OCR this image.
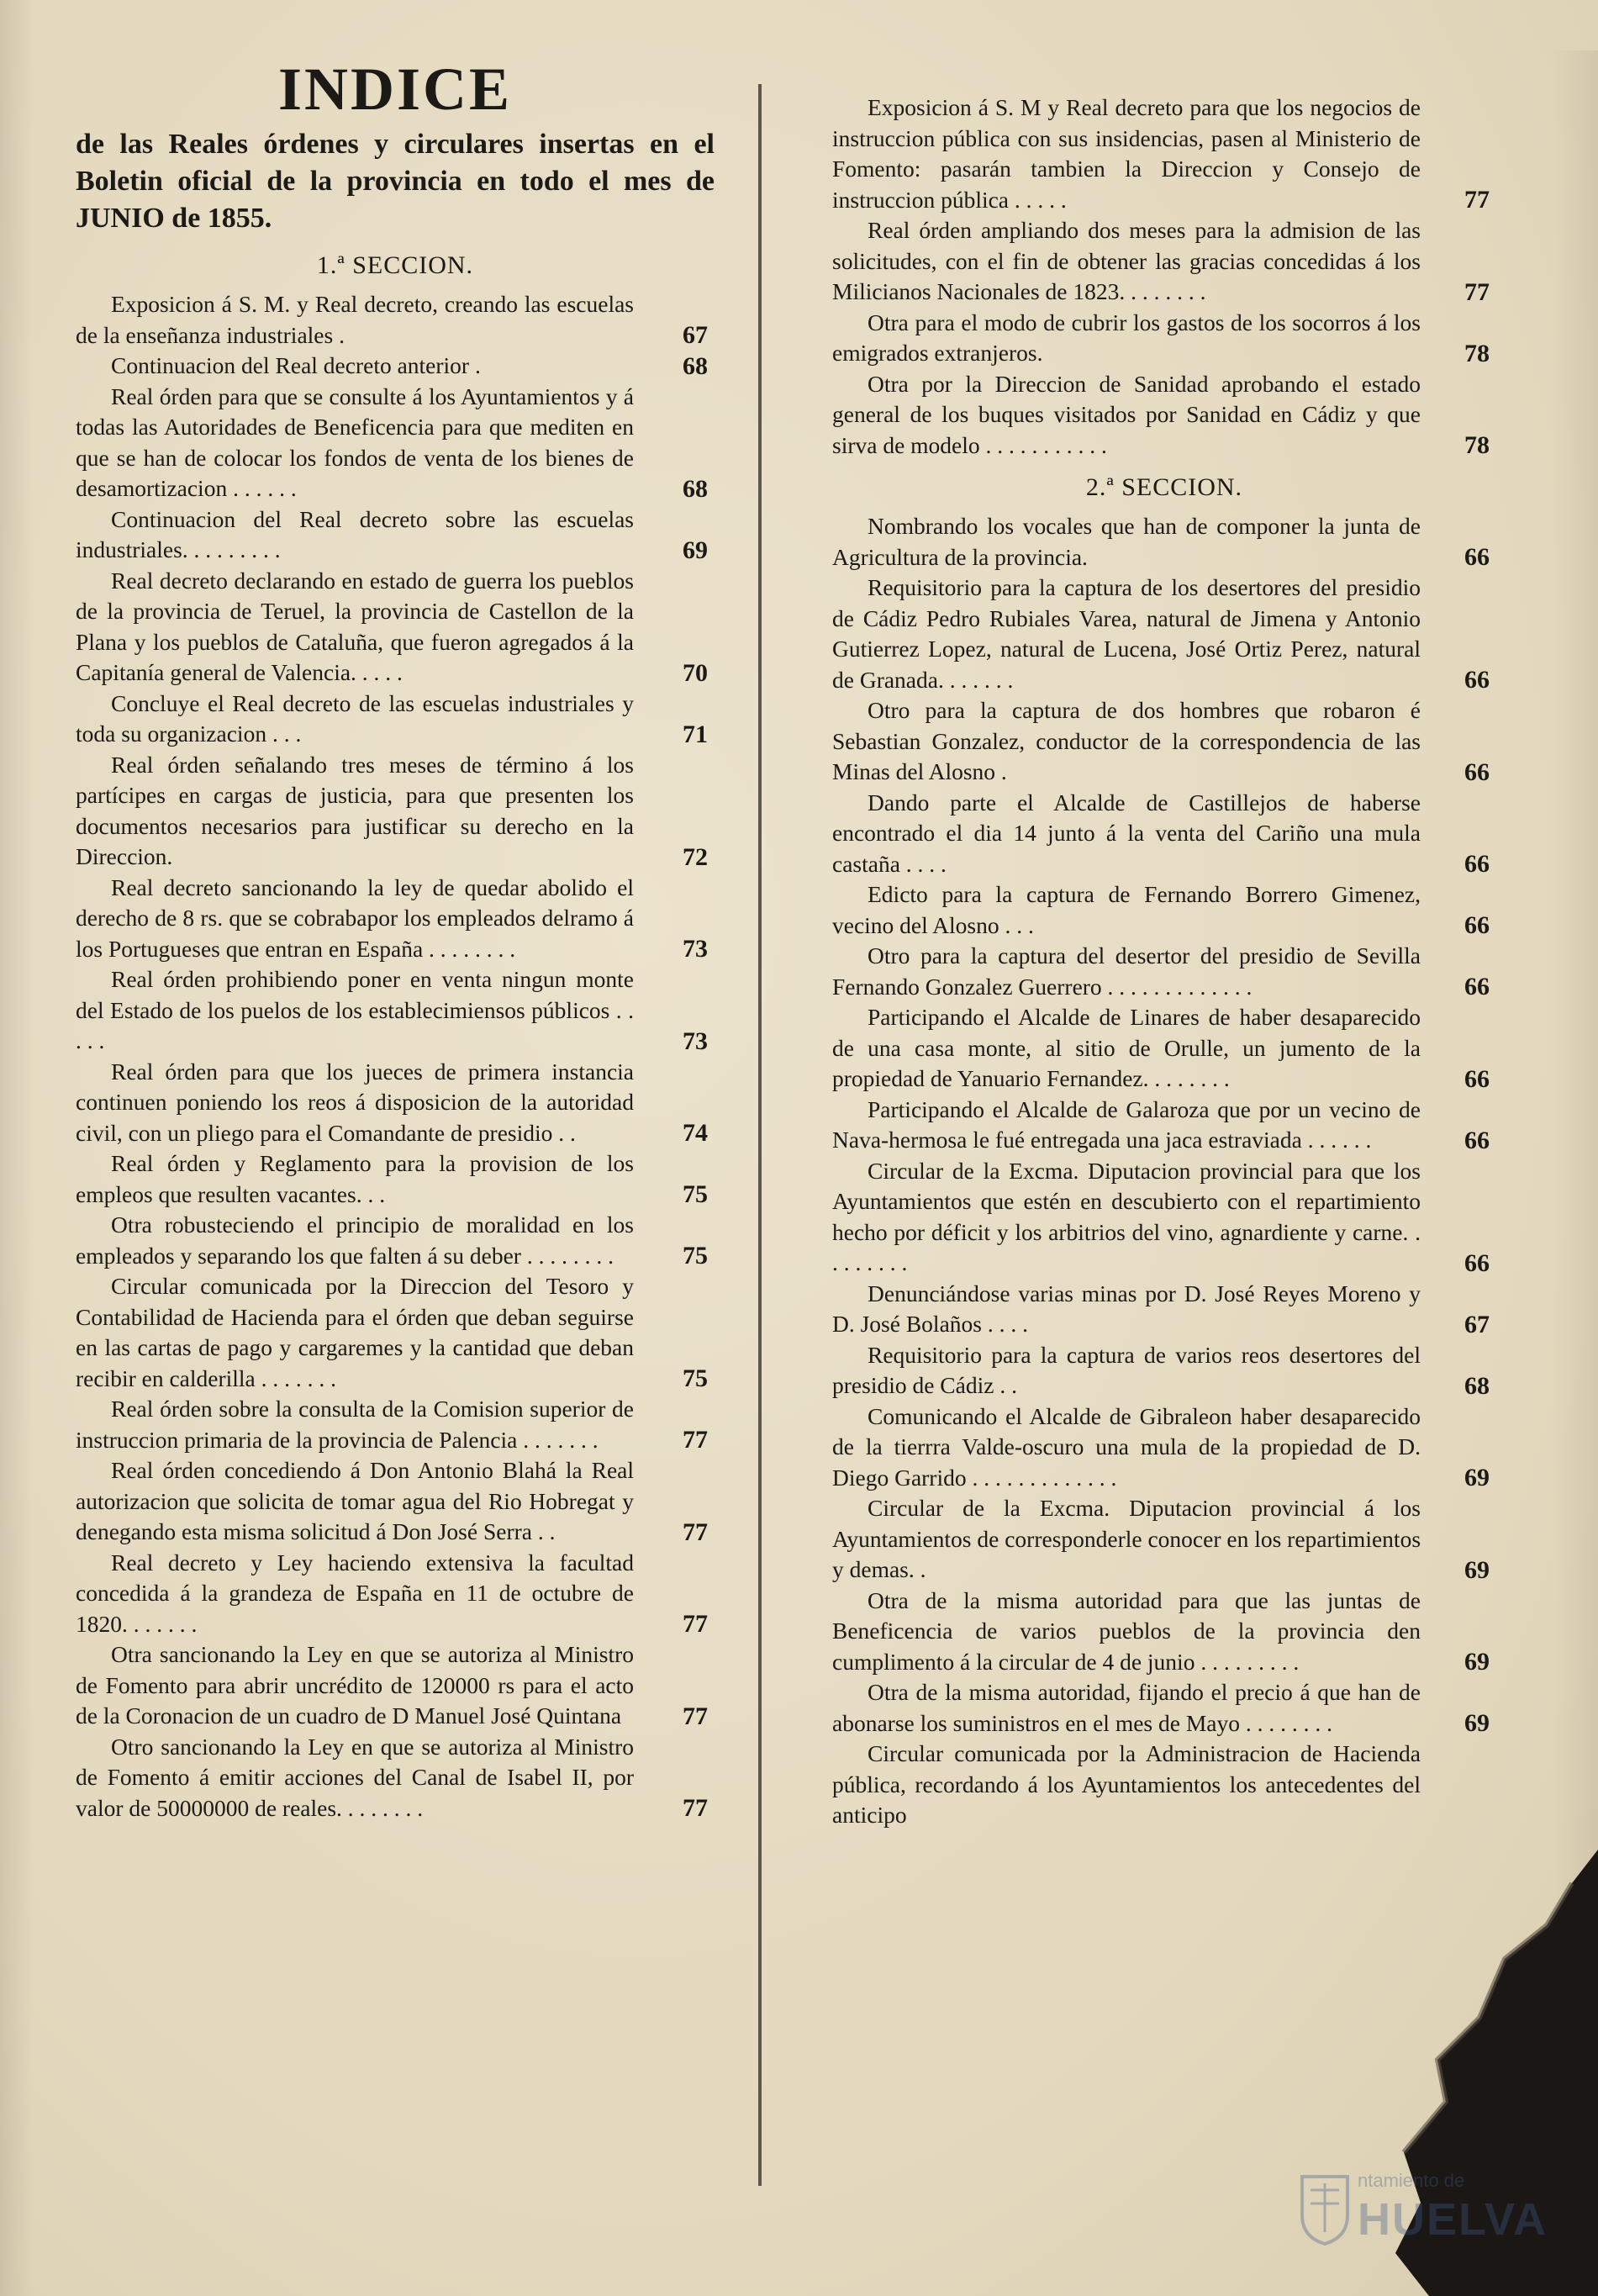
INDICE

de las Reales órdenes y circulares insertas en el Boletin oficial de la provincia en todo el mes de JUNIO de 1855.

1.ª SECCION.
Exposicion á S. M. y Real decreto, creando las escuelas de la enseñanza industriales .	67
Continuacion del Real decreto anterior .	68
Real órden para que se consulte á los Ayuntamientos y á todas las Autoridades de Beneficencia para que mediten en que se han de colocar los fondos de venta de los bienes de desamortizacion . . . . . .	68
Continuacion del Real decreto sobre las escuelas industriales. . . . . . . . .	69
Real decreto declarando en estado de guerra los pueblos de la provincia de Teruel, la provincia de Castellon de la Plana y los pueblos de Cataluña, que fueron agregados á la Capitanía general de Valencia. . . . .	70
Concluye el Real decreto de las escuelas industriales y toda su organizacion . . .	71
Real órden señalando tres meses de término á los partícipes en cargas de justicia, para que presenten los documentos necesarios para justificar su derecho en la Direccion.	72
Real decreto sancionando la ley de quedar abolido el derecho de 8 rs. que se cobrabapor los empleados delramo á los Portugueses que entran en España . . . . . . . .	73
Real órden prohibiendo poner en venta ningun monte del Estado de los puelos de los establecimiensos públicos . . . . .	73
Real órden para que los jueces de primera instancia continuen poniendo los reos á disposicion de la autoridad civil, con un pliego para el Comandante de presidio . .	74
Real órden y Reglamento para la provision de los empleos que resulten vacantes. . .	75
Otra robusteciendo el principio de moralidad en los empleados y separando los que falten á su deber . . . . . . . .	75
Circular comunicada por la Direccion del Tesoro y Contabilidad de Hacienda para el órden que deban seguirse en las cartas de pago y cargaremes y la cantidad que deban recibir en calderilla . . . . . . .	75
Real órden sobre la consulta de la Comision superior de instruccion primaria de la provincia de Palencia . . . . . . .	77
Real órden concediendo á Don Antonio Blahá la Real autorizacion que solicita de tomar agua del Rio Hobregat y denegando esta misma solicitud á Don José Serra . .	77
Real decreto y Ley haciendo extensiva la facultad concedida á la grandeza de España en 11 de octubre de 1820. . . . . . .	77
Otra sancionando la Ley en que se autoriza al Ministro de Fomento para abrir uncrédito de 120000 rs para el acto de la Coronacion de un cuadro de D Manuel José Quintana	77
Otro sancionando la Ley en que se autoriza al Ministro de Fomento á emitir acciones del Canal de Isabel II, por valor de 50000000 de reales. . . . . . . .	77
Exposicion á S. M y Real decreto para que los negocios de instruccion pública con sus insidencias, pasen al Ministerio de Fomento: pasarán tambien la Direccion y Consejo de instruccion pública . . . . .	77
Real órden ampliando dos meses para la admision de las solicitudes, con el fin de obtener las gracias concedidas á los Milicianos Nacionales de 1823. . . . . . . .	77
Otra para el modo de cubrir los gastos de los socorros á los emigrados extranjeros.	78
Otra por la Direccion de Sanidad aprobando el estado general de los buques visitados por Sanidad en Cádiz y que sirva de modelo . . . . . . . . . . .	78
2.ª SECCION.
Nombrando los vocales que han de componer la junta de Agricultura de la provincia.	66
Requisitorio para la captura de los desertores del presidio de Cádiz Pedro Rubiales Varea, natural de Jimena y Antonio Gutierrez Lopez, natural de Lucena, José Ortiz Perez, natural de Granada. . . . . . .	66
Otro para la captura de dos hombres que robaron é Sebastian Gonzalez, conductor de la correspondencia de las Minas del Alosno .	66
Dando parte el Alcalde de Castillejos de haberse encontrado el dia 14 junto á la venta del Cariño una mula castaña . . . .	66
Edicto para la captura de Fernando Borrero Gimenez, vecino del Alosno . . .	66
Otro para la captura del desertor del presidio de Sevilla Fernando Gonzalez Guerrero . . . . . . . . . . . . .	66
Participando el Alcalde de Linares de haber desaparecido de una casa monte, al sitio de Orulle, un jumento de la propiedad de Yanuario Fernandez. . . . . . . .	66
Participando el Alcalde de Galaroza que por un vecino de Nava-hermosa le fué entregada una jaca estraviada . . . . . .	66
Circular de la Excma. Diputacion provincial para que los Ayuntamientos que estén en descubierto con el repartimiento hecho por déficit y los arbitrios del vino, agnardiente y carne. . . . . . . . .	66
Denunciándose varias minas por D. José Reyes Moreno y D. José Bolaños . . . .	67
Requisitorio para la captura de varios reos desertores del presidio de Cádiz . .	68
Comunicando el Alcalde de Gibraleon haber desaparecido de la tierrra Valde-oscuro una mula de la propiedad de D. Diego Garrido . . . . . . . . . . . . .	69
Circular de la Excma. Diputacion provincial á los Ayuntamientos de corresponderle conocer en los repartimientos y demas. .	69
Otra de la misma autoridad para que las juntas de Beneficencia de varios pueblos de la provincia den cumplimento á la circular de 4 de junio . . . . . . . . .	69
Otra de la misma autoridad, fijando el precio á que han de abonarse los suministros en el mes de Mayo . . . . . . . .	69
Circular comunicada por la Administracion de Hacienda pública, recordando á los Ayuntamientos los antecedentes del anticipo
ntamiento de
HUELVA
